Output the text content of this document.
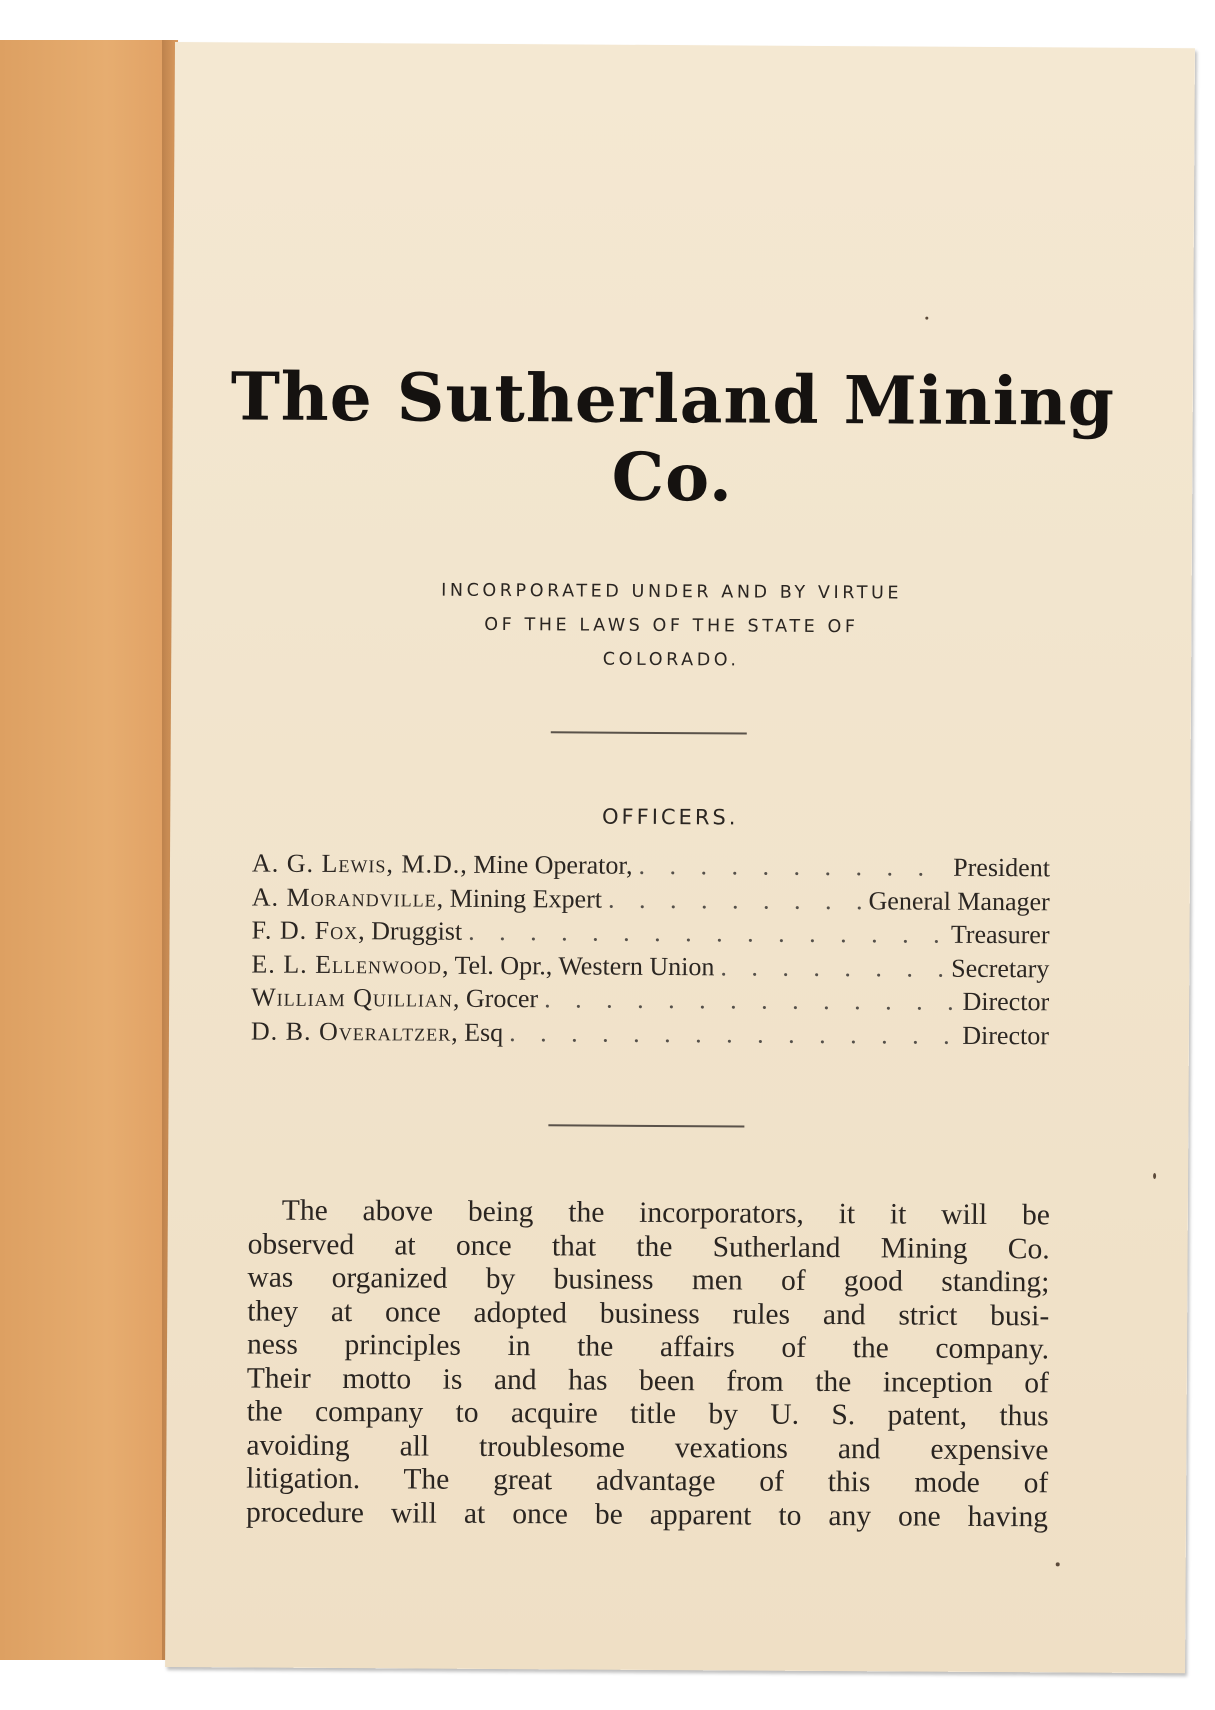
The Sutherland Mining Co.
INCORPORATED UNDER AND BY VIRTUE
OF THE LAWS OF THE STATE OF
COLORADO.
OFFICERS.
A. G. Lewis, M.D. , Mine Operator, . . .	President
A. Morandville , Mining Expert . . .	General Manager
F. D. Fox , Druggist . . .	Treasurer
E. L. Ellenwood , Tel. Opr., Western Union . . .	Secretary
William Quillian , Grocer . . .	Director
D. B. Overaltzer , Esq . . .	Director
The above being the incorporators, it it will be
observed at once that the Sutherland Mining Co.
was organized by business men of good standing;
they at once adopted business rules and strict busi-
ness principles in the affairs of the company.
Their motto is and has been from the inception of
the company to acquire title by U. S. patent, thus
avoiding all troublesome vexations and expensive
litigation. The great advantage of this mode of
procedure will at once be apparent to any one having
